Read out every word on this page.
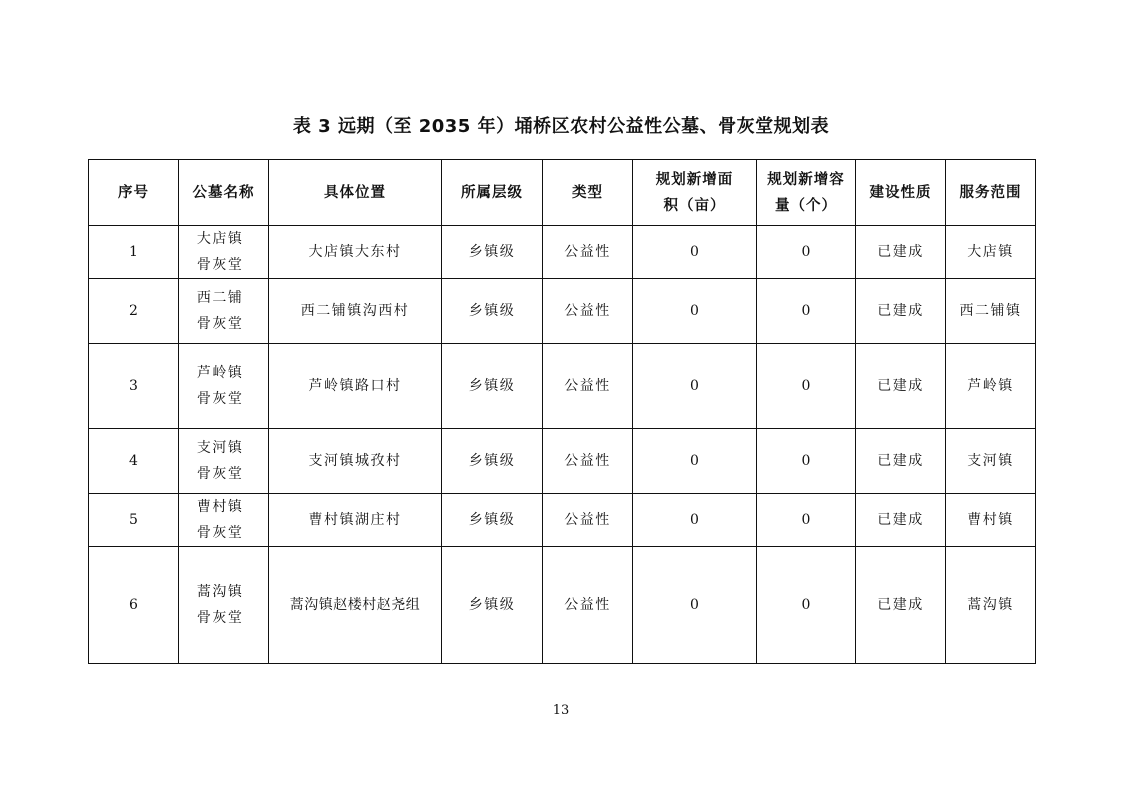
表 3 远期（至 2035 年）埇桥区农村公益性公墓、骨灰堂规划表
序号	公墓名称	具体位置	所属层级	类型	规划新增面积（亩）	规划新增容量（个）	建设性质	服务范围
1	大店镇骨灰堂	大店镇大东村	乡镇级	公益性	0	0	已建成	大店镇
2	西二铺骨灰堂	西二铺镇沟西村	乡镇级	公益性	0	0	已建成	西二铺镇
3	芦岭镇骨灰堂	芦岭镇路口村	乡镇级	公益性	0	0	已建成	芦岭镇
4	支河镇骨灰堂	支河镇城孜村	乡镇级	公益性	0	0	已建成	支河镇
5	曹村镇骨灰堂	曹村镇湖庄村	乡镇级	公益性	0	0	已建成	曹村镇
6	蒿沟镇骨灰堂	蒿沟镇赵楼村赵尧组	乡镇级	公益性	0	0	已建成	蒿沟镇
13
